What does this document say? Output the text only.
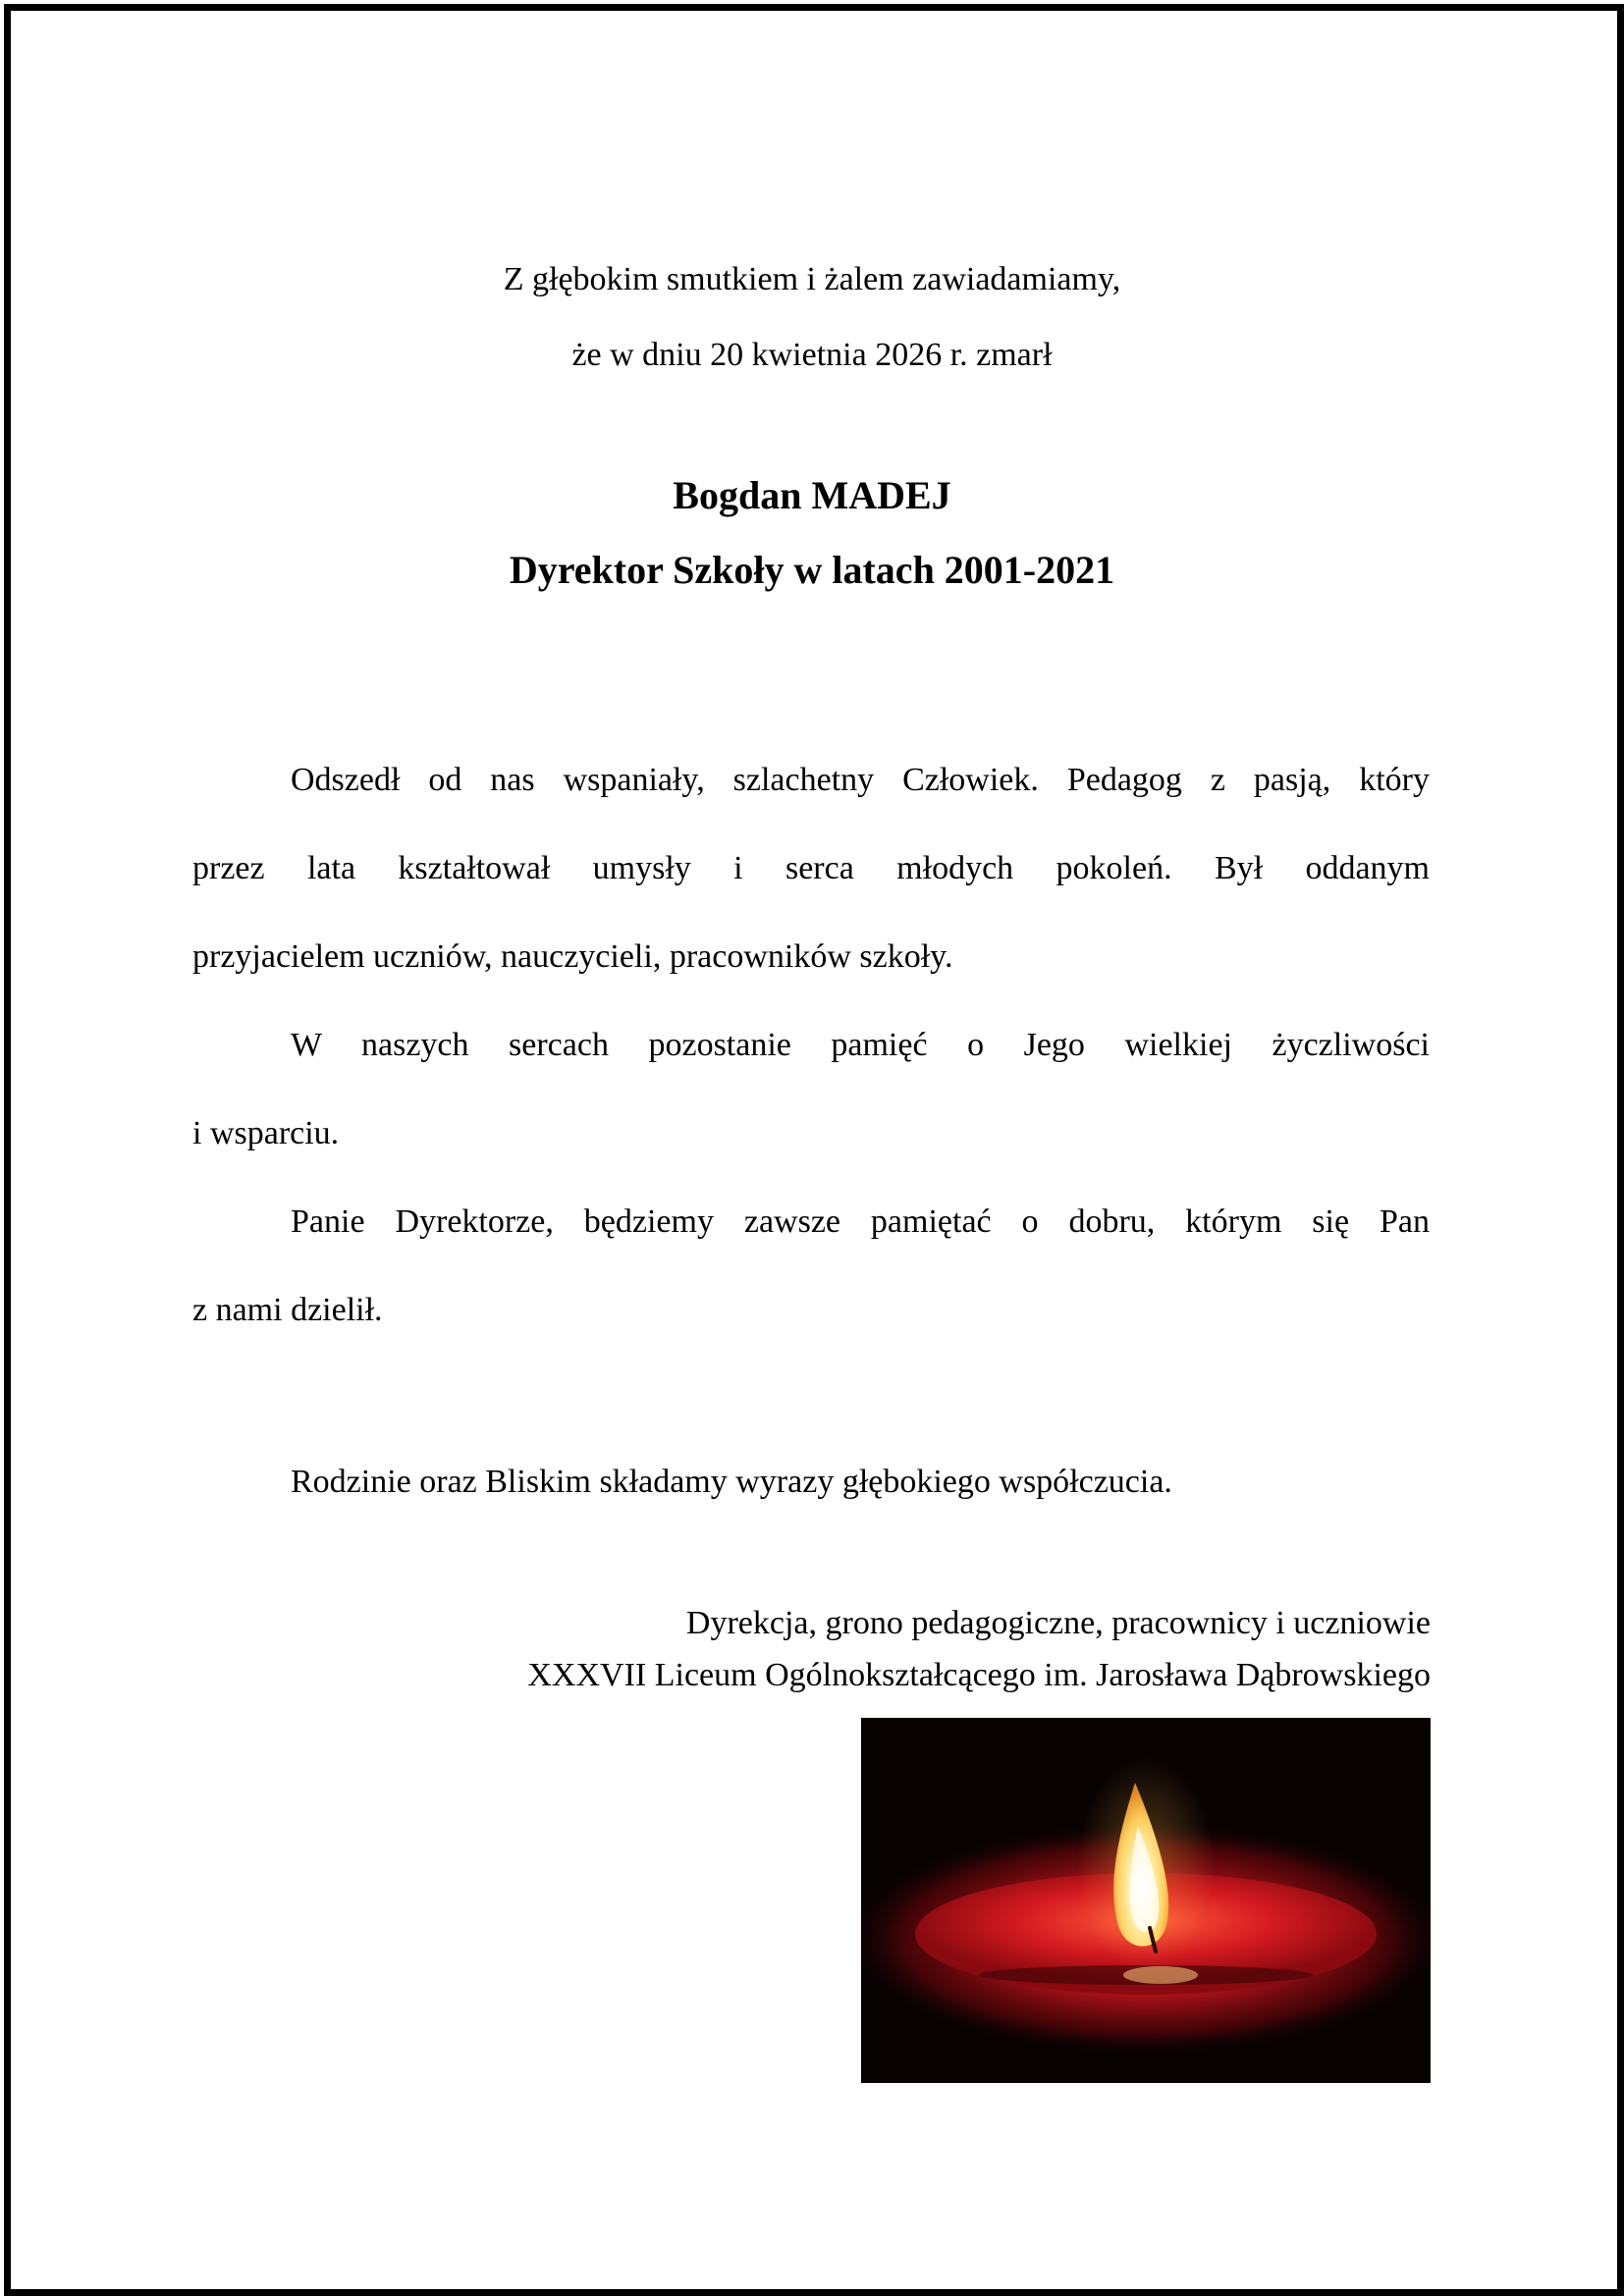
Z głębokim smutkiem i żalem zawiadamiamy,
że w dniu 20 kwietnia 2026 r. zmarł
Bogdan MADEJ
Dyrektor Szkoły w latach 2001-2021
Odszedł od nas wspaniały, szlachetny Człowiek. Pedagog z pasją, który
przez lata kształtował umysły i serca młodych pokoleń. Był oddanym
przyjacielem uczniów, nauczycieli, pracowników szkoły.
W naszych sercach pozostanie pamięć o Jego wielkiej życzliwości
i wsparciu.
Panie Dyrektorze, będziemy zawsze pamiętać o dobru, którym się Pan
z nami dzielił.
Rodzinie oraz Bliskim składamy wyrazy głębokiego współczucia.
Dyrekcja, grono pedagogiczne, pracownicy i uczniowie
XXXVII Liceum Ogólnokształcącego im. Jarosława Dąbrowskiego
